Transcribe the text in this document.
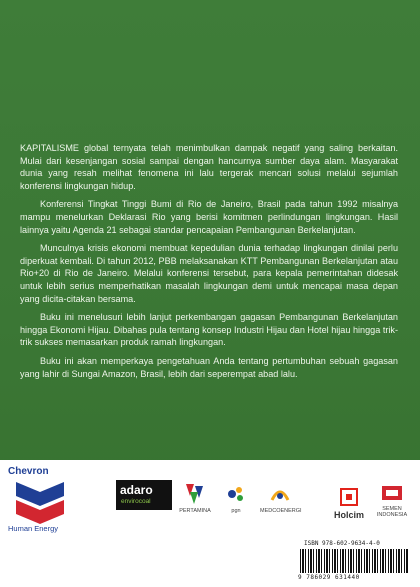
KAPITALISME global ternyata telah menimbulkan dampak negatif yang saling berkaitan. Mulai dari kesenjangan sosial sampai dengan hancurnya sumber daya alam. Masyarakat dunia yang resah melihat fenomena ini lalu tergerak mencari solusi melalui sejumlah konferensi lingkungan hidup.

Konferensi Tingkat Tinggi Bumi di Rio de Janeiro, Brasil pada tahun 1992 misalnya mampu menelurkan Deklarasi Rio yang berisi komitmen perlindungan lingkungan. Hasil lainnya yaitu Agenda 21 sebagai standar pencapaian Pembangunan Berkelanjutan.

Munculnya krisis ekonomi membuat kepedulian dunia terhadap lingkungan dinilai perlu diperkuat kembali. Di tahun 2012, PBB melaksanakan KTT Pembangunan Berkelanjutan atau Rio+20 di Rio de Janeiro. Melalui konferensi tersebut, para kepala pemerintahan didesak untuk lebih serius memperhatikan masalah lingkungan demi untuk mencapai masa depan yang dicita-citakan bersama.

Buku ini menelusuri lebih lanjut perkembangan gagasan Pembangunan Berkelanjutan hingga Ekonomi Hijau. Dibahas pula tentang konsep Industri Hijau dan Hotel hijau hingga trik-trik sukses memasarkan produk ramah lingkungan.

Buku ini akan memperkaya pengetahuan Anda tentang pertumbuhan sebuah gagasan yang lahir di Sungai Amazon, Brasil, lebih dari seperempat abad lalu.

Chevron
Human Energy
adaro
envirocoal
PERTAMINA	pgn	MEDCOENERGI	Holcim
SEMEN INDONESIA
ISBN 978-602-9634-4-0
9 786029 631440
